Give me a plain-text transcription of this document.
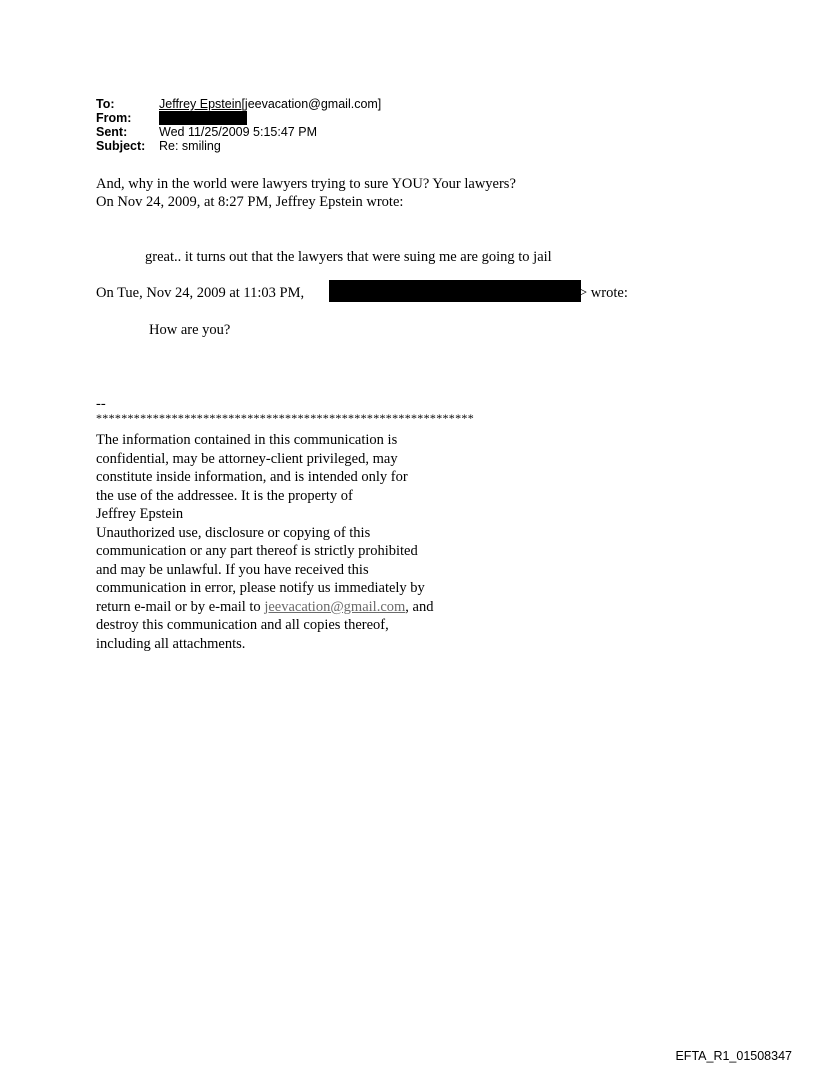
To:	Jeffrey Epstein[jeevacation@gmail.com]
From:
Sent:	Wed 11/25/2009 5:15:47 PM
Subject:	Re: smiling
And, why in the world were lawyers trying to sure YOU? Your lawyers?
On Nov 24, 2009, at 8:27 PM, Jeffrey Epstein wrote:
great.. it turns out that the lawyers that were suing me are going to jail
On Tue, Nov 24, 2009 at 11:03 PM,	> wrote:
How are you?
--
************************************************************
The information contained in this communication is
confidential, may be attorney-client privileged, may
constitute inside information, and is intended only for
the use of the addressee. It is the property of
Jeffrey Epstein
Unauthorized use, disclosure or copying of this
communication or any part thereof is strictly prohibited
and may be unlawful. If you have received this
communication in error, please notify us immediately by
return e-mail or by e-mail to jeevacation@gmail.com, and
destroy this communication and all copies thereof,
including all attachments.
EFTA_R1_01508347
